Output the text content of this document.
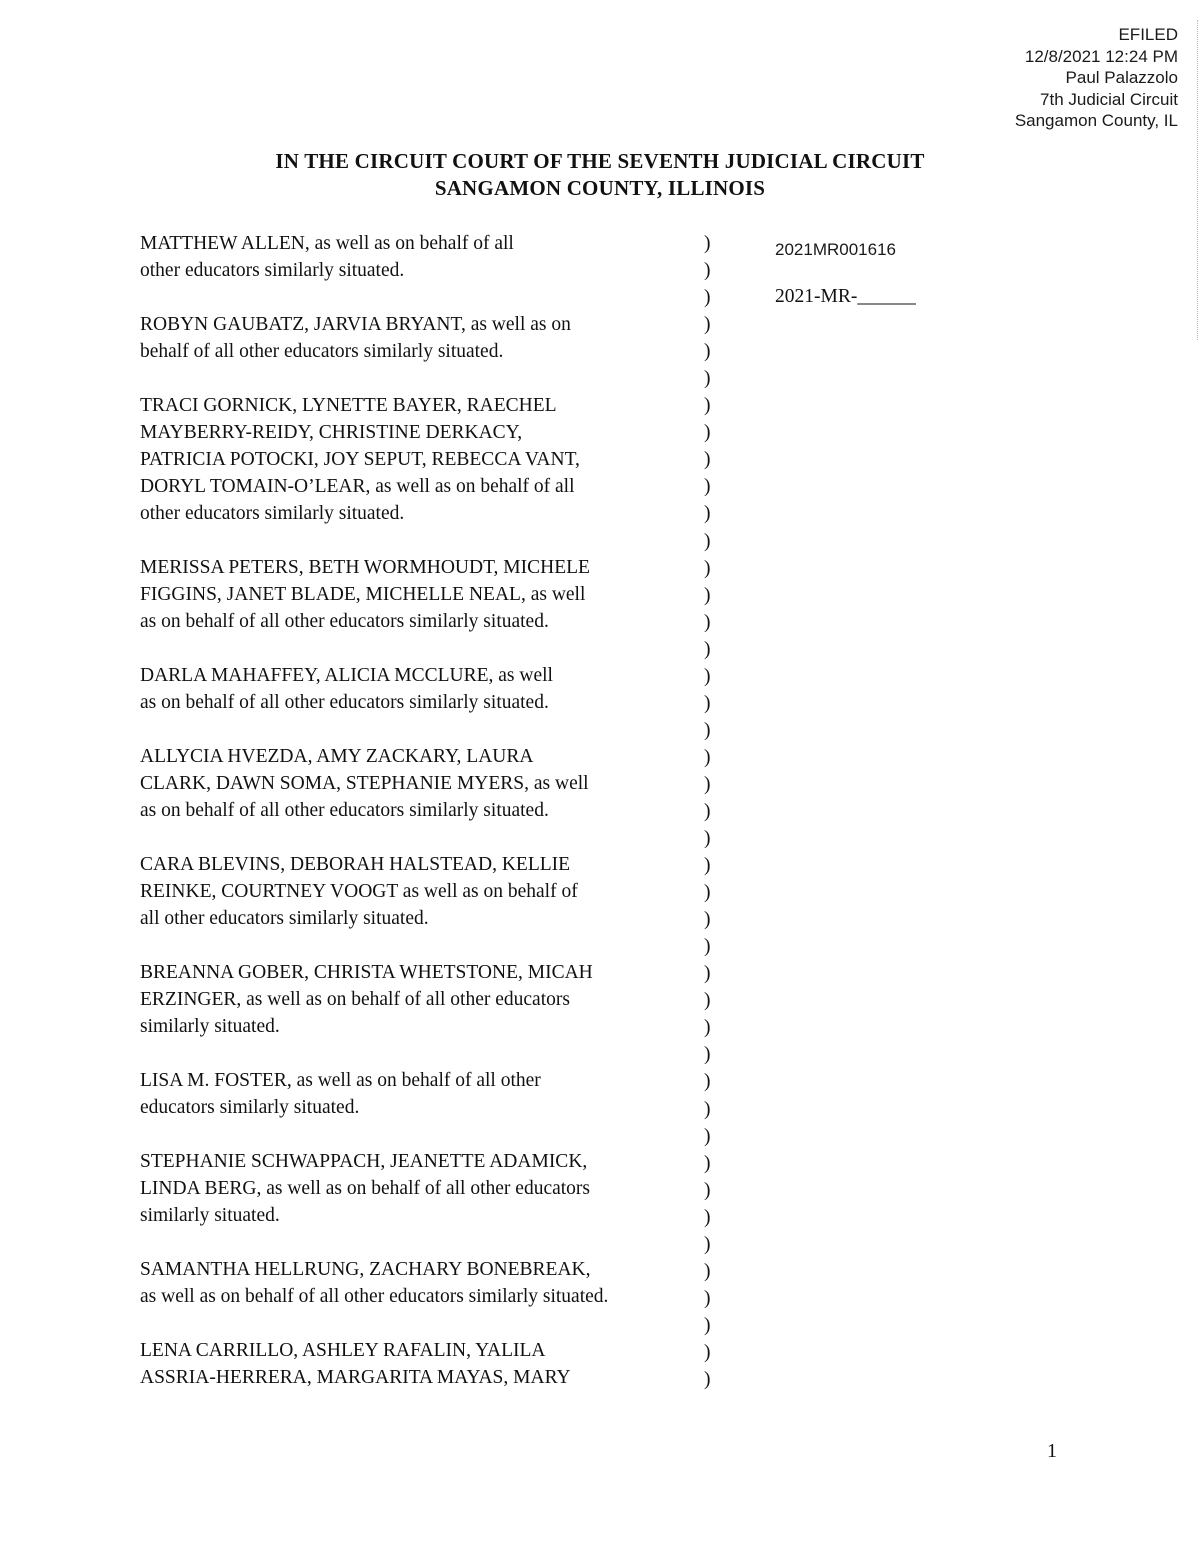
EFILED
12/8/2021 12:24 PM
Paul Palazzolo
7th Judicial Circuit
Sangamon County, IL
IN THE CIRCUIT COURT OF THE SEVENTH JUDICIAL CIRCUIT
SANGAMON COUNTY, ILLINOIS
MATTHEW ALLEN, as well as on behalf of all
other educators similarly situated.
ROBYN GAUBATZ, JARVIA BRYANT, as well as on
behalf of all other educators similarly situated.
TRACI GORNICK, LYNETTE BAYER, RAECHEL
MAYBERRY-REIDY, CHRISTINE DERKACY,
PATRICIA POTOCKI, JOY SEPUT, REBECCA VANT,
DORYL TOMAIN-O’LEAR, as well as on behalf of all
other educators similarly situated.
MERISSA PETERS, BETH WORMHOUDT, MICHELE
FIGGINS, JANET BLADE, MICHELLE NEAL, as well
as on behalf of all other educators similarly situated.
DARLA MAHAFFEY, ALICIA MCCLURE, as well
as on behalf of all other educators similarly situated.
ALLYCIA HVEZDA, AMY ZACKARY, LAURA
CLARK, DAWN SOMA, STEPHANIE MYERS, as well
as on behalf of all other educators similarly situated.
CARA BLEVINS, DEBORAH HALSTEAD, KELLIE
REINKE, COURTNEY VOOGT as well as on behalf of
all other educators similarly situated.
BREANNA GOBER, CHRISTA WHETSTONE, MICAH
ERZINGER, as well as on behalf of all other educators
similarly situated.
LISA M. FOSTER, as well as on behalf of all other
educators similarly situated.
STEPHANIE SCHWAPPACH, JEANETTE ADAMICK,
LINDA BERG, as well as on behalf of all other educators
similarly situated.
SAMANTHA HELLRUNG, ZACHARY BONEBREAK,
as well as on behalf of all other educators similarly situated.
LENA CARRILLO, ASHLEY RAFALIN, YALILA
ASSRIA-HERRERA, MARGARITA MAYAS, MARY
)
)
)
)
)
)
)
)
)
)
)
)
)
)
)
)
)
)
)
)
)
)
)
)
)
)
)
)
)
)
)
)
)
)
)
)
)
)
)
)
)
)
)
2021MR001616
2021-MR-______
1
